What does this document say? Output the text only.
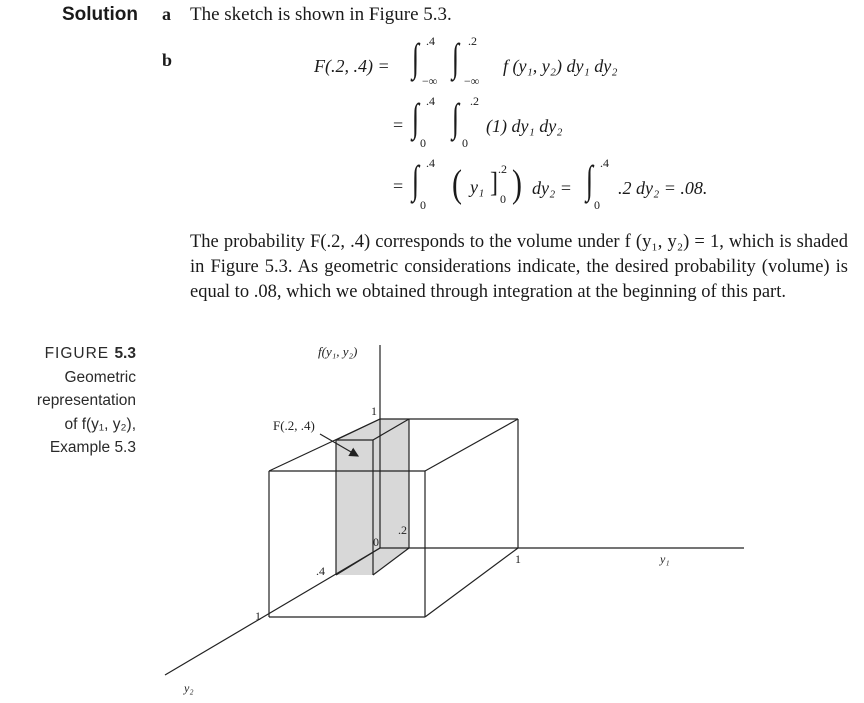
Solution a The sketch is shown in Figure 5.3.
b	F(.2, .4) = ∫ .4
−∞
∫ .2
−∞
f (y₁, y₂) dy₁ dy₂
= ∫ .4
0
∫ .2
0
(1) dy₁ dy₂
= ∫ .4
0 ( y₁ ] .2
0 ) dy₂ = ∫ .4
0
.2 dy₂ = .08.
The probability F(.2, .4) corresponds to the volume under f (y₁, y₂) = 1, which is shaded in Figure 5.3. As geometric considerations indicate, the desired probability (volume) is equal to .08, which we obtained through integration at the beginning of this part.
FIGURE 5.3
Geometric
representation
of f(y₁, y₂),
Example 5.3
f(y₁, y₂)
F(.2, .4)
1
0
.2
1	y₁
.4
1
y₂
